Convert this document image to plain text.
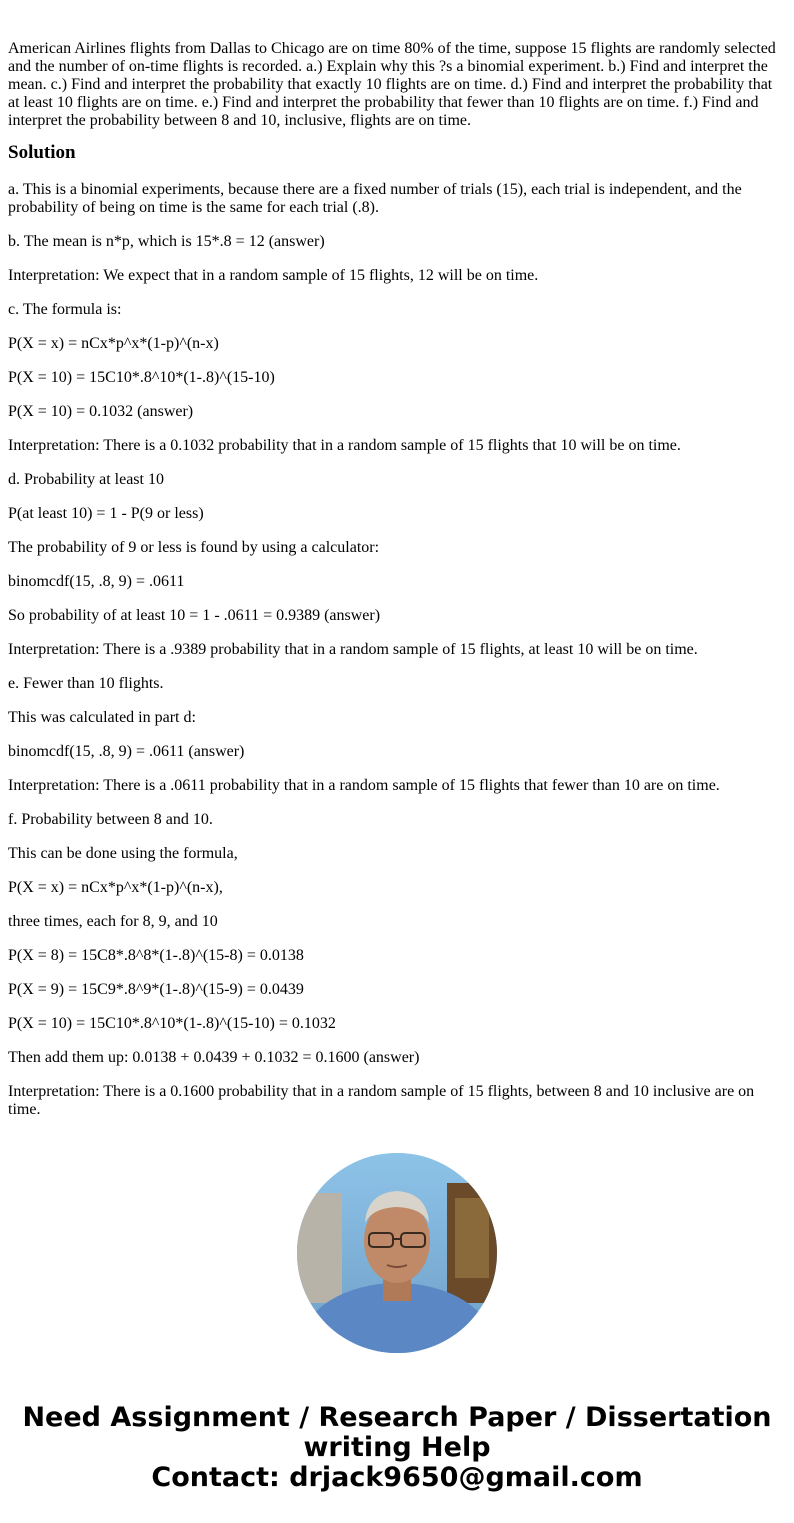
American Airlines flights from Dallas to Chicago are on time 80% of the time, suppose 15 flights are randomly selected and the number of on-time flights is recorded. a.) Explain why this ?s a binomial experiment. b.) Find and interpret the mean. c.) Find and interpret the probability that exactly 10 flights are on time. d.) Find and interpret the probability that at least 10 flights are on time. e.) Find and interpret the probability that fewer than 10 flights are on time. f.) Find and interpret the probability between 8 and 10, inclusive, flights are on time.

Solution

a. This is a binomial experiments, because there are a fixed number of trials (15), each trial is independent, and the probability of being on time is the same for each trial (.8).

b. The mean is n*p, which is 15*.8 = 12 (answer)

Interpretation: We expect that in a random sample of 15 flights, 12 will be on time.

c. The formula is:

P(X = x) = nCx*p^x*(1-p)^(n-x)

P(X = 10) = 15C10*.8^10*(1-.8)^(15-10)

P(X = 10) = 0.1032 (answer)

Interpretation: There is a 0.1032 probability that in a random sample of 15 flights that 10 will be on time.

d. Probability at least 10

P(at least 10) = 1 - P(9 or less)

The probability of 9 or less is found by using a calculator:

binomcdf(15, .8, 9) = .0611

So probability of at least 10 = 1 - .0611 = 0.9389 (answer)

Interpretation: There is a .9389 probability that in a random sample of 15 flights, at least 10 will be on time.

e. Fewer than 10 flights.

This was calculated in part d:

binomcdf(15, .8, 9) = .0611 (answer)

Interpretation: There is a .0611 probability that in a random sample of 15 flights that fewer than 10 are on time.

f. Probability between 8 and 10.

This can be done using the formula,

P(X = x) = nCx*p^x*(1-p)^(n-x),

three times, each for 8, 9, and 10

P(X = 8) = 15C8*.8^8*(1-.8)^(15-8) = 0.0138

P(X = 9) = 15C9*.8^9*(1-.8)^(15-9) = 0.0439

P(X = 10) = 15C10*.8^10*(1-.8)^(15-10) = 0.1032

Then add them up: 0.0138 + 0.0439 + 0.1032 = 0.1600 (answer)

Interpretation: There is a 0.1600 probability that in a random sample of 15 flights, between 8 and 10 inclusive are on time.

Need Assignment / Research Paper / Dissertation
writing Help
Contact: drjack9650@gmail.com
